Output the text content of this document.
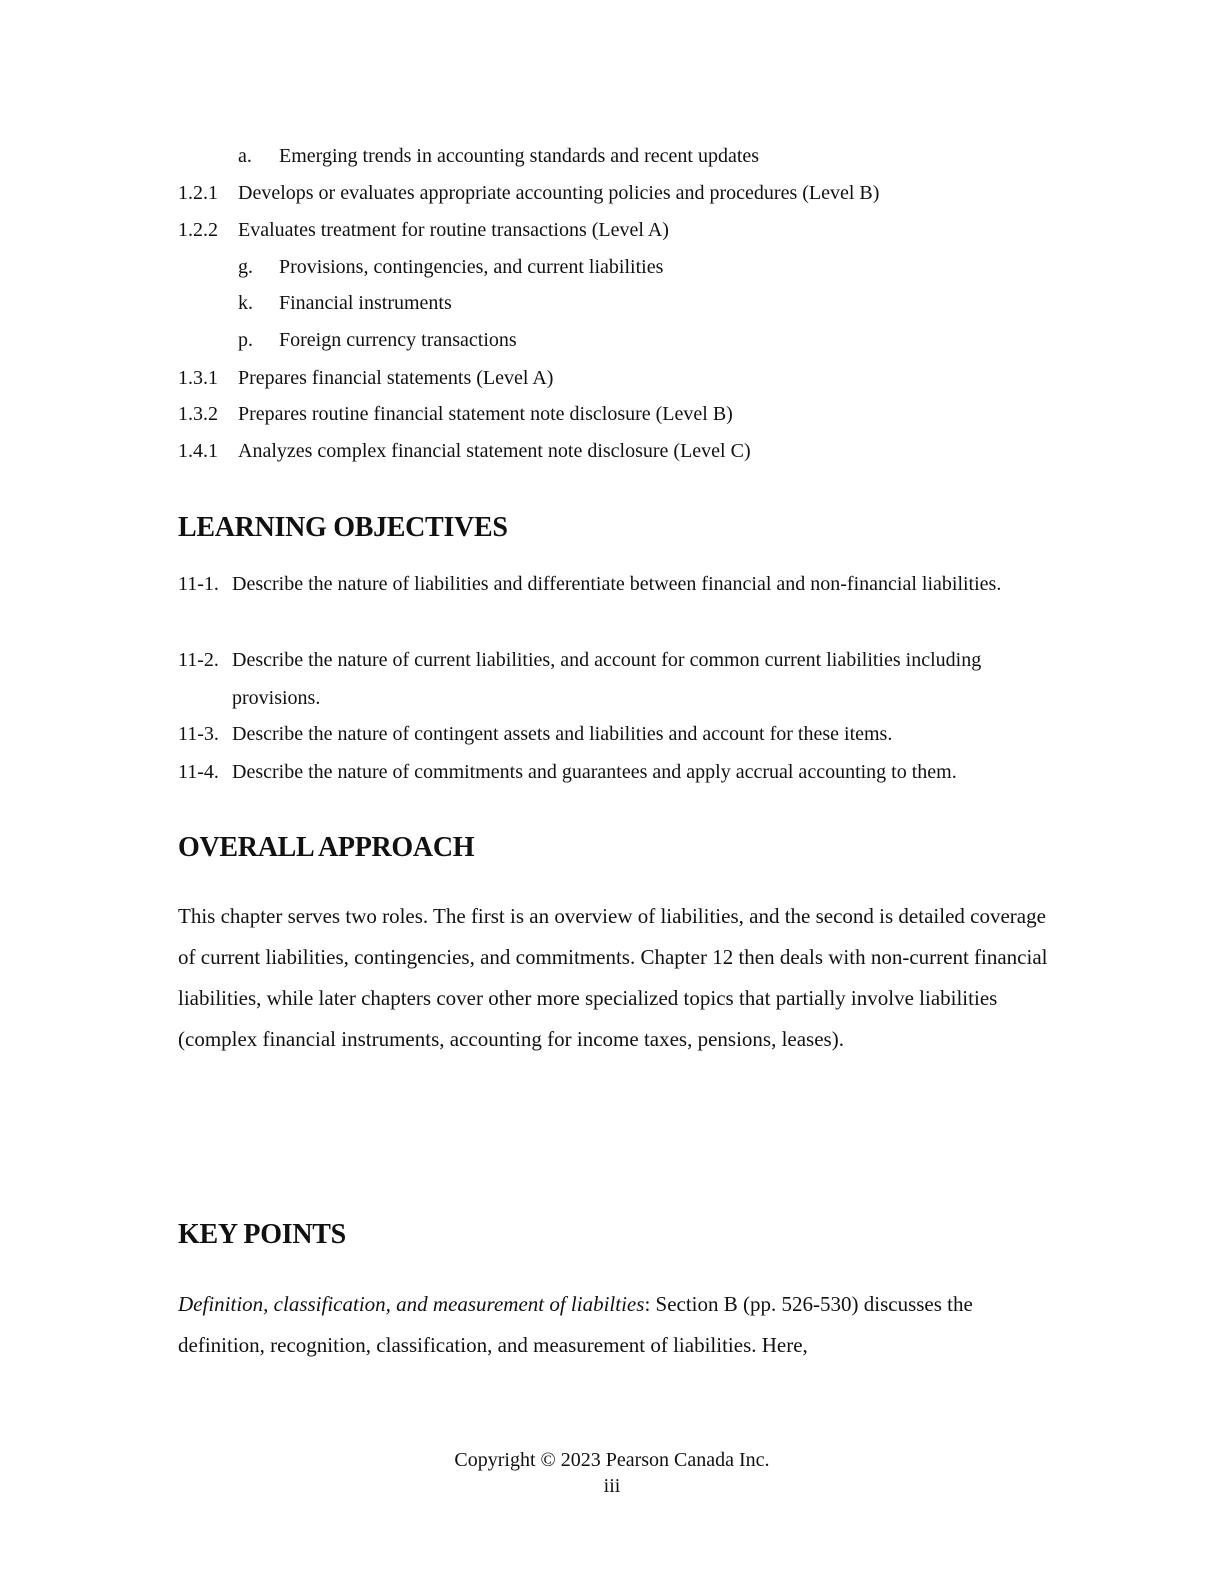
a. Emerging trends in accounting standards and recent updates
1.2.1 Develops or evaluates appropriate accounting policies and procedures (Level B)
1.2.2 Evaluates treatment for routine transactions (Level A)
g. Provisions, contingencies, and current liabilities
k. Financial instruments
p. Foreign currency transactions
1.3.1 Prepares financial statements (Level A)
1.3.2 Prepares routine financial statement note disclosure (Level B)
1.4.1 Analyzes complex financial statement note disclosure (Level C)
LEARNING OBJECTIVES
11-1. Describe the nature of liabilities and differentiate between financial and non-financial liabilities.
11-2. Describe the nature of current liabilities, and account for common current liabilities including provisions.
11-3. Describe the nature of contingent assets and liabilities and account for these items.
11-4. Describe the nature of commitments and guarantees and apply accrual accounting to them.
OVERALL APPROACH
This chapter serves two roles. The first is an overview of liabilities, and the second is detailed coverage of current liabilities, contingencies, and commitments. Chapter 12 then deals with non-current financial liabilities, while later chapters cover other more specialized topics that partially involve liabilities (complex financial instruments, accounting for income taxes, pensions, leases).
KEY POINTS
Definition, classification, and measurement of liabilties: Section B (pp. 526-530) discusses the definition, recognition, classification, and measurement of liabilities. Here,
Copyright © 2023 Pearson Canada Inc.
iii
